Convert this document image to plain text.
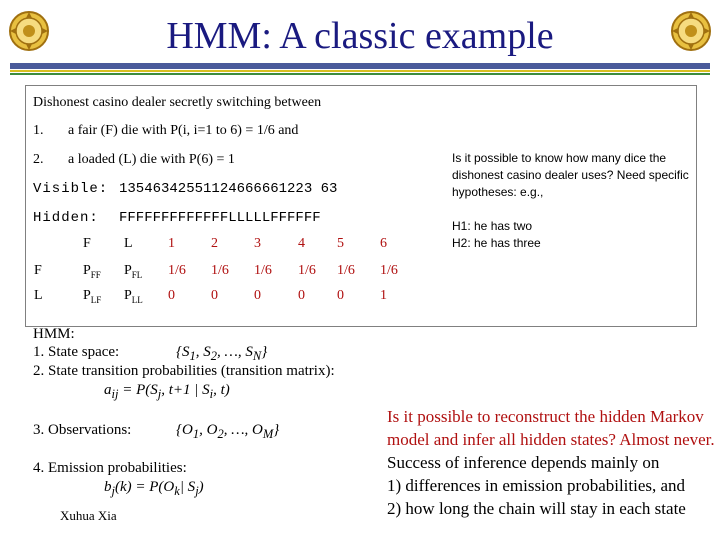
HMM: A classic example
Dishonest casino dealer secretly switching between
1. a fair (F) die with P(i, i=1 to 6) = 1/6 and
2. a loaded (L) die with P(6) = 1
Visible: 13546342551124666661223 63
Hidden: FFFFFFFFFFFFFLLLLLFFFFFF
F L	1	2	3	4 5	6
F	$P_{FF}$ $P_{FL}$ 1/6 1/6 1/6 1/6 1/6 1/6
L	$P_{LF}$ $P_{LL}$ 0	0	0	0 0	1
Is it possible to know how many dice the dishonest casino dealer uses? Need specific hypotheses: e.g.,
H1: he has two
H2: he has three
HMM:
1. State space:	{$S_1$, $S_2$, …, $S_N$}
2. State transition probabilities (transition matrix):
$a_{ij} = P(S_j$, t+1 | $S_i$, t)
3. Observations:	{$O_1$, $O_2$, …, $O_M$}
4. Emission probabilities:
$b_j(k) = P(O_k|$ $S_j$)
Xuhua Xia
Is it possible to reconstruct the hidden Markov model and infer all hidden states? Almost never.
Success of inference depends mainly on
1) differences in emission probabilities, and
2) how long the chain will stay in each state
